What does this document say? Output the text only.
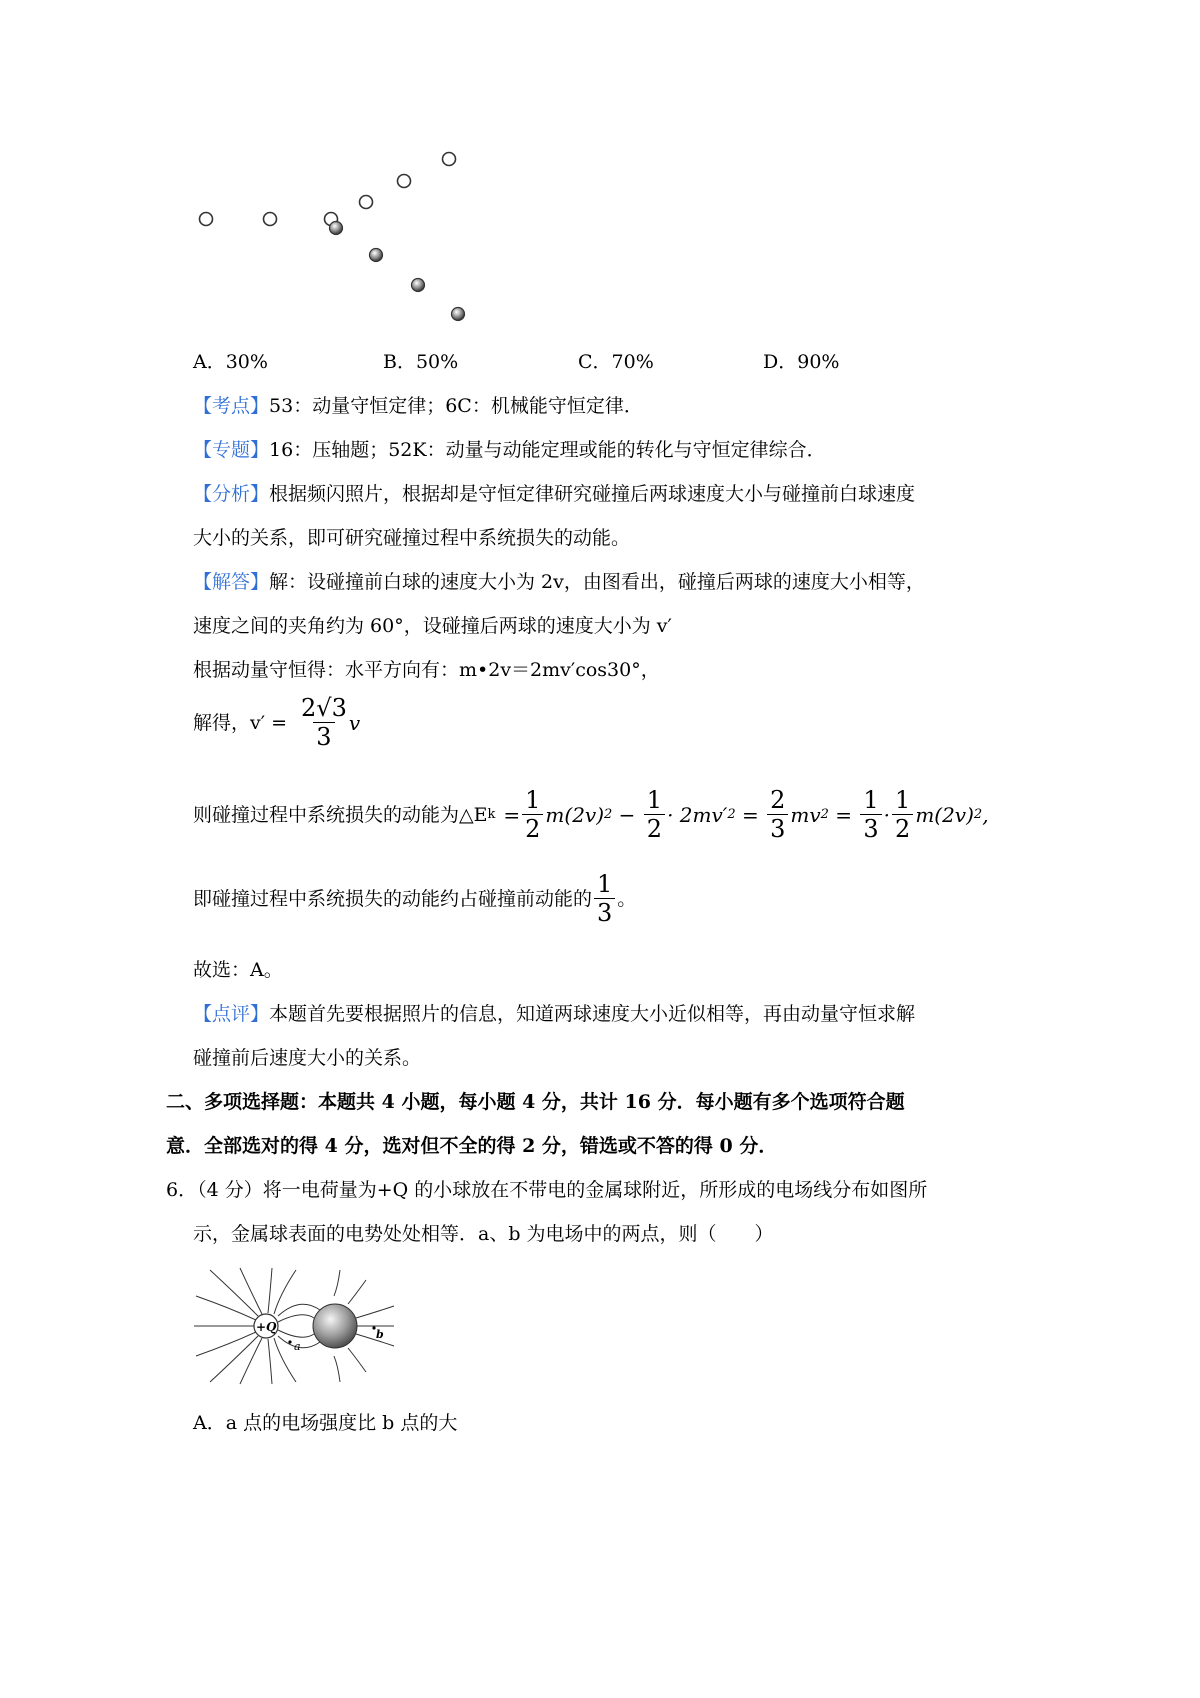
A．30%	B．50%	C．70%	D．90%
【考点】53：动量守恒定律；6C：机械能守恒定律．
【专题】16：压轴题；52K：动量与动能定理或能的转化与守恒定律综合．
【分析】根据频闪照片，根据却是守恒定律研究碰撞后两球速度大小与碰撞前白球速度
大小的关系，即可研究碰撞过程中系统损失的动能。
【解答】解：设碰撞前白球的速度大小为 2v，由图看出，碰撞后两球的速度大小相等，
速度之间的夹角约为 60°，设碰撞后两球的速度大小为 v′
根据动量守恒得：水平方向有：m•2v＝2mv′cos30°，
解得，$v' = \frac{2√3}{3}$ v
则碰撞过程中系统损失的动能为△E $k = \frac{1}{2} m(2v) 2 - \frac{1}{2} \cdot 2mv'$ $2 = \frac{2}{3}$ mv $2 = \frac{1}{3} \cdot \frac{1}{2} m(2v)$ 2 ,
即碰撞过程中系统损失的动能约占碰撞前动能的 $\frac{1}{3}$ 。
故选：A。
【点评】本题首先要根据照片的信息，知道两球速度大小近似相等，再由动量守恒求解
碰撞前后速度大小的关系。
二、多项选择题：本题共 4 小题，每小题 4 分，共计 16 分．每小题有多个选项符合题
意．全部选对的得 4 分，选对但不全的得 2 分，错选或不答的得 0 分．
6．（4 分）将一电荷量为+Q 的小球放在不带电的金属球附近，所形成的电场线分布如图所
示，金属球表面的电势处处相等．a、b 为电场中的两点，则（　　）
+Q
a
b
A．a 点的电场强度比 b 点的大
